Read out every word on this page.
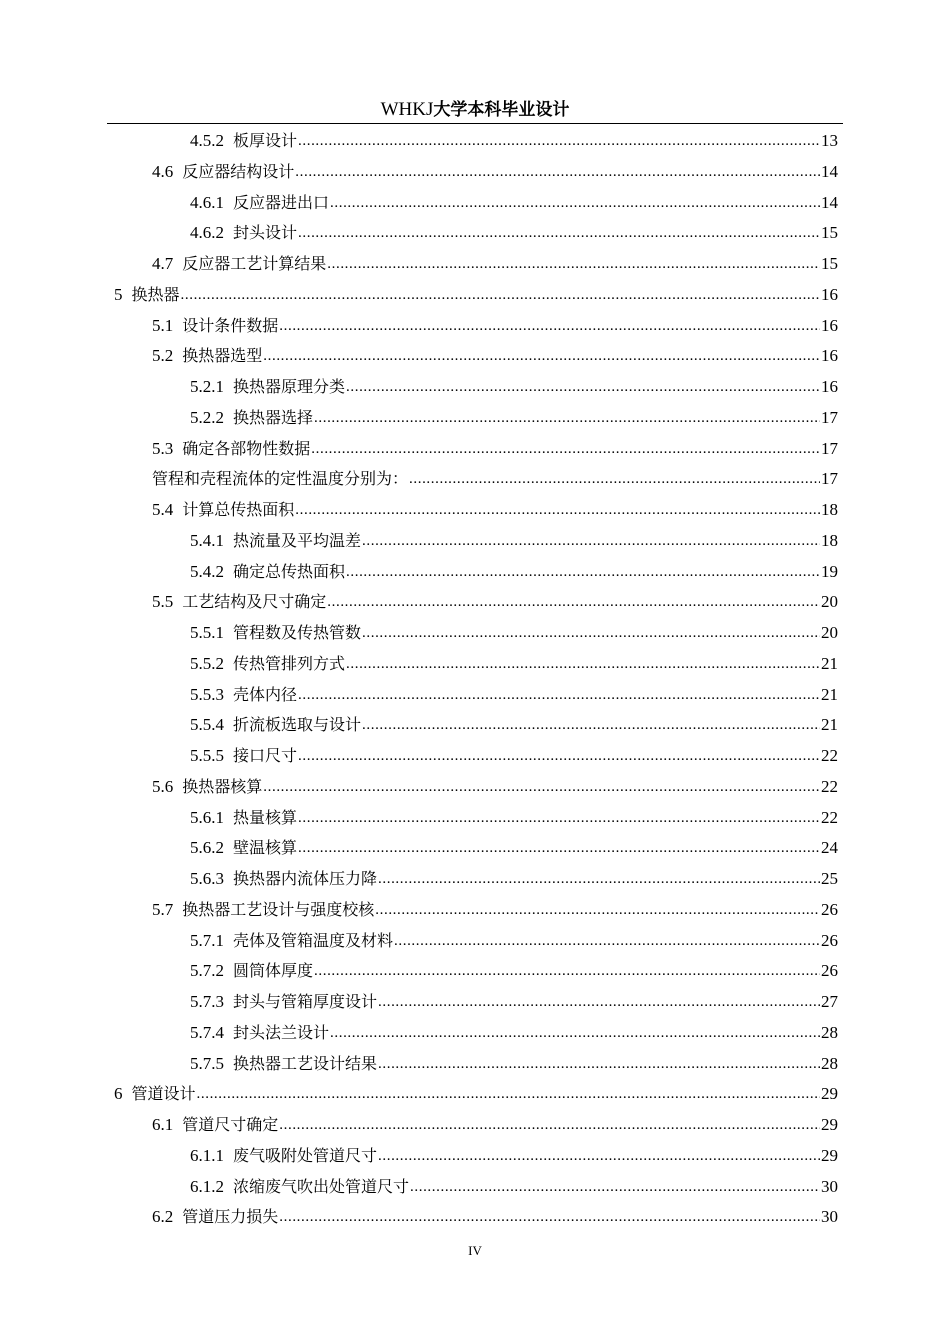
WHKJ大学本科毕业设计
4.5.2 板厚设计 .....	13
4.6 反应器结构设计 .....	14
4.6.1 反应器进出口 .....	14
4.6.2 封头设计 .....	15
4.7 反应器工艺计算结果 .....	15
5 换热器 .....	16
5.1 设计条件数据 .....	16
5.2 换热器选型 .....	16
5.2.1 换热器原理分类 .....	16
5.2.2 换热器选择 .....	17
5.3 确定各部物性数据 .....	17
管程和壳程流体的定性温度分别为： .....	17
5.4 计算总传热面积 .....	18
5.4.1 热流量及平均温差 .....	18
5.4.2 确定总传热面积 .....	19
5.5 工艺结构及尺寸确定 .....	20
5.5.1 管程数及传热管数 .....	20
5.5.2 传热管排列方式 .....	21
5.5.3 壳体内径 .....	21
5.5.4 折流板选取与设计 .....	21
5.5.5 接口尺寸 .....	22
5.6 换热器核算 .....	22
5.6.1 热量核算 .....	22
5.6.2 壁温核算 .....	24
5.6.3 换热器内流体压力降 .....	25
5.7 换热器工艺设计与强度校核 .....	26
5.7.1 壳体及管箱温度及材料 .....	26
5.7.2 圆筒体厚度 .....	26
5.7.3 封头与管箱厚度设计 .....	27
5.7.4 封头法兰设计 .....	28
5.7.5 换热器工艺设计结果 .....	28
6 管道设计 .....	29
6.1 管道尺寸确定 .....	29
6.1.1 废气吸附处管道尺寸 .....	29
6.1.2 浓缩废气吹出处管道尺寸 .....	30
6.2 管道压力损失 .....	30
IV
